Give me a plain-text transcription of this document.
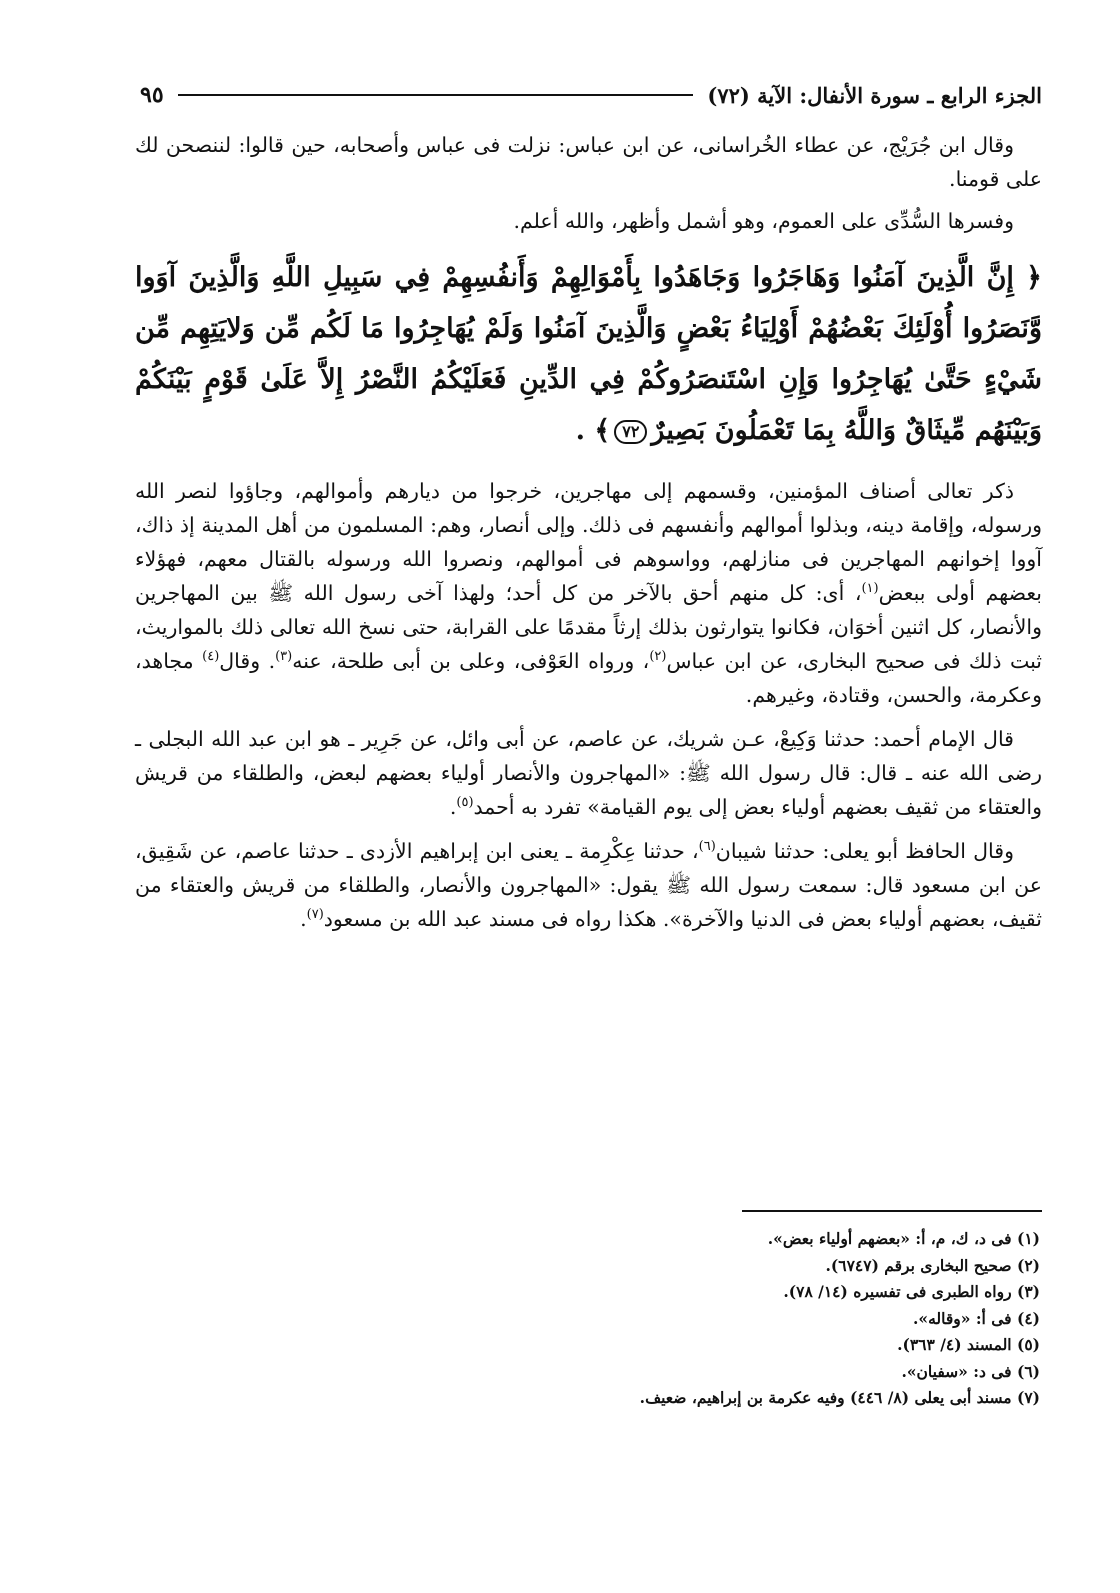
الجزء الرابع ـ سورة الأنفال: الآية (٧٢)
٩٥

وقال ابن جُرَيْج، عن عطاء الخُراسانى، عن ابن عباس: نزلت فى عباس وأصحابه، حين قالوا: لننصحن لك على قومنا.

وفسرها السُّدِّى على العموم، وهو أشمل وأظهر، والله أعلم.

﴿ إِنَّ الَّذِينَ آمَنُوا وَهَاجَرُوا وَجَاهَدُوا بِأَمْوَالِهِمْ وَأَنفُسِهِمْ فِي سَبِيلِ اللَّهِ وَالَّذِينَ آوَوا وَّنَصَرُوا أُوْلَئِكَ بَعْضُهُمْ أَوْلِيَاءُ بَعْضٍ وَالَّذِينَ آمَنُوا وَلَمْ يُهَاجِرُوا مَا لَكُم مِّن وَلايَتِهِم مِّن شَيْءٍ حَتَّىٰ يُهَاجِرُوا وَإِنِ اسْتَنصَرُوكُمْ فِي الدِّينِ فَعَلَيْكُمُ النَّصْرُ إِلاَّ عَلَىٰ قَوْمٍ بَيْنَكُمْ وَبَيْنَهُم مِّيثَاقٌ وَاللَّهُ بِمَا تَعْمَلُونَ بَصِيرٌ٧٢﴾ .

ذكر تعالى أصناف المؤمنين، وقسمهم إلى مهاجرين، خرجوا من ديارهم وأموالهم، وجاؤوا لنصر الله ورسوله، وإقامة دينه، وبذلوا أموالهم وأنفسهم فى ذلك. وإلى أنصار، وهم: المسلمون من أهل المدينة إذ ذاك، آووا إخوانهم المهاجرين فى منازلهم، وواسوهم فى أموالهم، ونصروا الله ورسوله بالقتال معهم، فهؤلاء بعضهم أولى ببعض$^{(١)}$، أى: كل منهم أحق بالآخر من كل أحد؛ ولهذا آخى رسول الله ﷺ بين المهاجرين والأنصار، كل اثنين أخوَان، فكانوا يتوارثون بذلك إرثاً مقدمًا على القرابة، حتى نسخ الله تعالى ذلك بالمواريث، ثبت ذلك فى صحيح البخارى، عن ابن عباس$^{(٢)}$، ورواه العَوْفى، وعلى بن أبى طلحة، عنه$^{(٣)}$. وقال$^{(٤)}$ مجاهد، وعكرمة، والحسن، وقتادة، وغيرهم.

قال الإمام أحمد: حدثنا وَكِيعْ، عـن شريك، عن عاصم، عن أبى وائل، عن جَرِير ـ هو ابن عبد الله البجلى ـ رضى الله عنه ـ قال: قال رسول الله ﷺ: «المهاجرون والأنصار أولياء بعضهم لبعض، والطلقاء من قريش والعتقاء من ثقيف بعضهم أولياء بعض إلى يوم القيامة» تفرد به أحمد$^{(٥)}$.

وقال الحافظ أبو يعلى: حدثنا شيبان$^{(٦)}$، حدثنا عِكْرِمة ـ يعنى ابن إبراهيم الأزدى ـ حدثنا عاصم، عن شَقِيق، عن ابن مسعود قال: سمعت رسول الله ﷺ يقول: «المهاجرون والأنصار، والطلقاء من قريش والعتقاء من ثقيف، بعضهم أولياء بعض فى الدنيا والآخرة». هكذا رواه فى مسند عبد الله بن مسعود$^{(٧)}$.

(١) فى د، ك، م، أ: «بعضهم أولياء بعض».

(٢) صحيح البخارى برقم (٦٧٤٧).

(٣) رواه الطبرى فى تفسيره (١٤/ ٧٨).

(٤) فى أ: «وقاله».

(٥) المسند (٤/ ٣٦٣).

(٦) فى د: «سفيان».

(٧) مسند أبى يعلى (٨/ ٤٤٦) وفيه عكرمة بن إبراهيم، ضعيف.
